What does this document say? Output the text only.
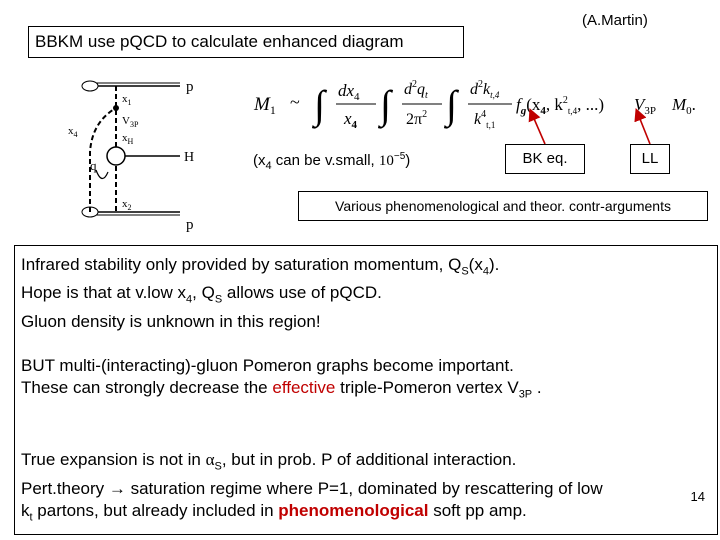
BBKM use pQCD to calculate enhanced diagram
(A.Martin)
p
p
H
$x_1$
$x_4$
$V_{3P}$
$x_H$
q
$x_2$
$M_1$ ~ ∫ $dx_4$
$x_4$ ∫ $d^2q_t$
$2\pi^2$ ∫ $d^2k_{t,4}$
$k^4_{t,1}$
$f_g(x_4$, $k^2_{t,4}$, ...) $V_{3P}$ $M_0$.
($x_4$ can be v.small, $10^{-5}$)	BK eq.	LL
Various phenomenological and theor. contr-arguments

Infrared stability only provided by saturation momentum, $Q_S(x_4)$.

Hope is that at v.low $x_4$, $Q_S$ allows use of pQCD.

Gluon density is unknown in this region!

BUT multi-(interacting)-gluon Pomeron graphs become important.

These can strongly decrease the effective triple-Pomeron vertex $V_{3P}$ .

True expansion is not in $\alpha_S$, but in prob. P of additional interaction.

Pert.theory → saturation regime where P=1, dominated by rescattering of low

$k_t$ partons, but already included in phenomenological soft pp amp.

14
